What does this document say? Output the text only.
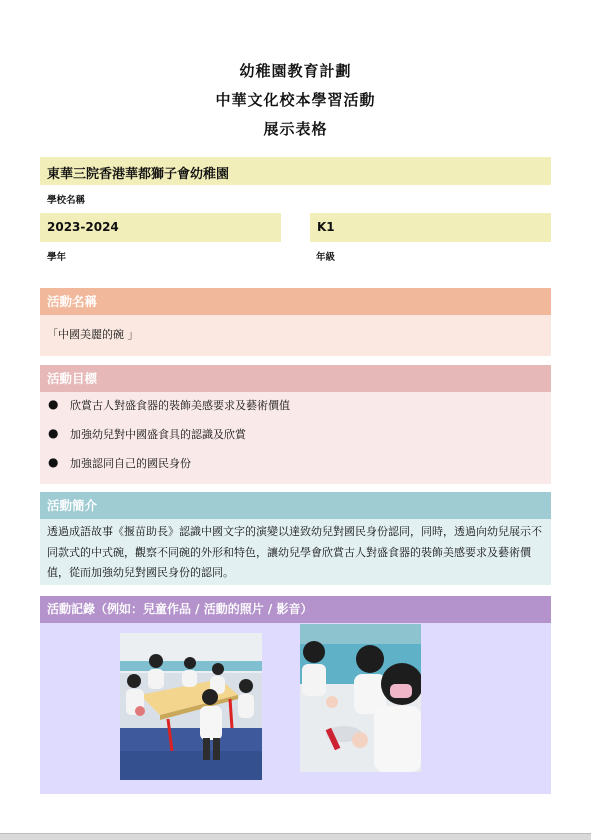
幼稚園教育計劃
中華文化校本學習活動
展示表格
東華三院香港華都獅子會幼稚園
學校名稱
2023-2024
學年
K1
年級
活動名稱
「中國美麗的碗 」
活動目標
● 欣賞古人對盛食器的裝飾美感要求及藝術價值
● 加強幼兒對中國盛食具的認識及欣賞
● 加強認同自己的國民身份
活動簡介
透過成語故事《揠苗助長》認識中國文字的演變以達致幼兒對國民身份認同，同時，透過向幼兒展示不同款式的中式碗，觀察不同碗的外形和特色，讓幼兒學會欣賞古人對盛食器的裝飾美感要求及藝術價值，從而加強幼兒對國民身份的認同。
活動記錄（例如：兒童作品 / 活動的照片 / 影音）
